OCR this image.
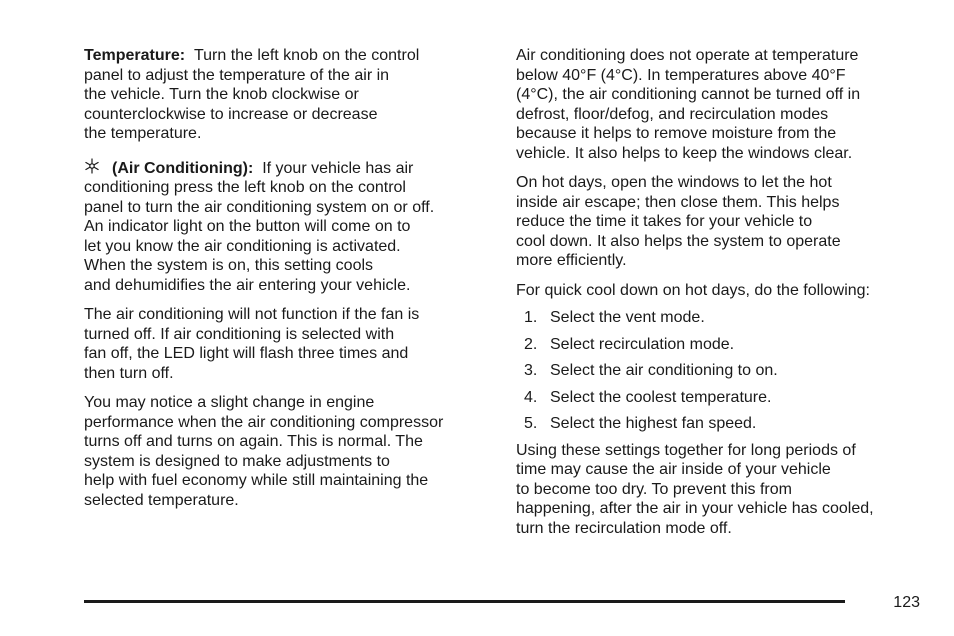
Temperature: Turn the left knob on the control
panel to adjust the temperature of the air in
the vehicle. Turn the knob clockwise or
counterclockwise to increase or decrease
the temperature.

(Air Conditioning): If your vehicle has air
conditioning press the left knob on the control
panel to turn the air conditioning system on or off.
An indicator light on the button will come on to
let you know the air conditioning is activated.
When the system is on, this setting cools
and dehumidifies the air entering your vehicle.

The air conditioning will not function if the fan is
turned off. If air conditioning is selected with
fan off, the LED light will flash three times and
then turn off.

You may notice a slight change in engine
performance when the air conditioning compressor
turns off and turns on again. This is normal. The
system is designed to make adjustments to
help with fuel economy while still maintaining the
selected temperature.

Air conditioning does not operate at temperature
below 40°F (4°C). In temperatures above 40°F
(4°C), the air conditioning cannot be turned off in
defrost, floor/defog, and recirculation modes
because it helps to remove moisture from the
vehicle. It also helps to keep the windows clear.

On hot days, open the windows to let the hot
inside air escape; then close them. This helps
reduce the time it takes for your vehicle to
cool down. It also helps the system to operate
more efficiently.

For quick cool down on hot days, do the following:

1. Select the vent mode.
2. Select recirculation mode.
3. Select the air conditioning to on.
4. Select the coolest temperature.
5. Select the highest fan speed.

Using these settings together for long periods of
time may cause the air inside of your vehicle
to become too dry. To prevent this from
happening, after the air in your vehicle has cooled,
turn the recirculation mode off.

123
